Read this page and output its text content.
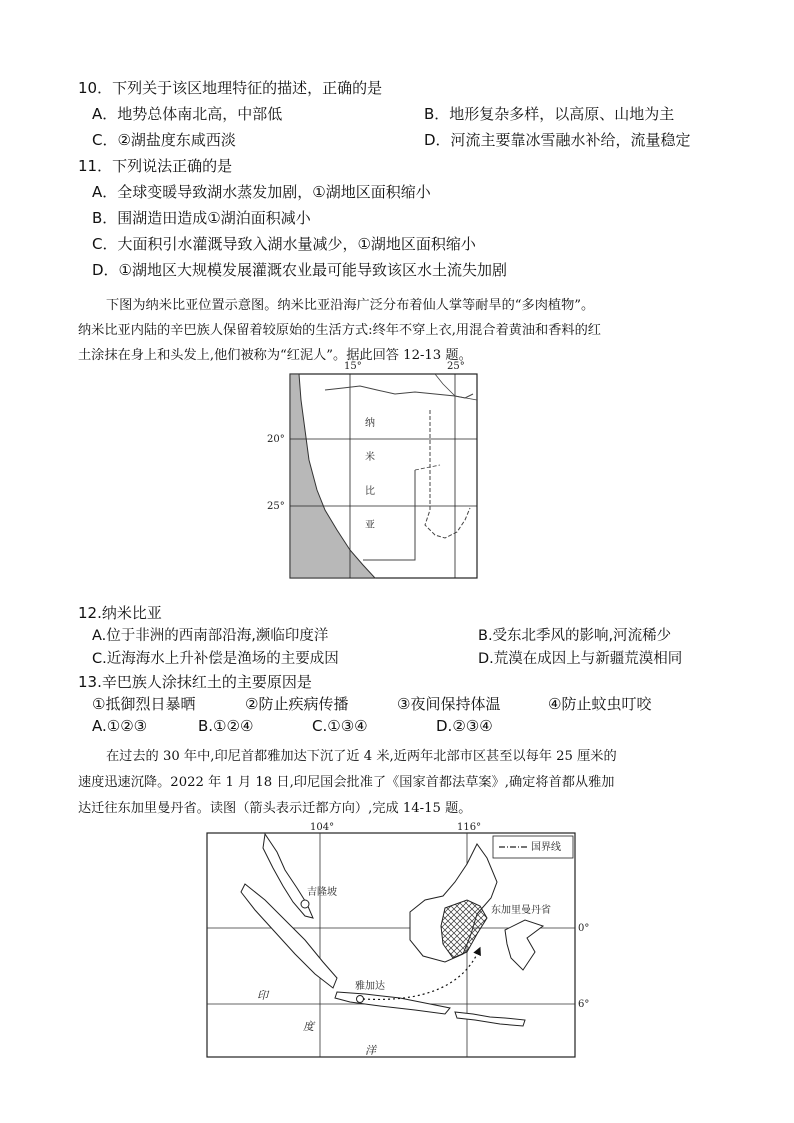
10．下列关于该区地理特征的描述，正确的是
A．地势总体南北高，中部低	B．地形复杂多样，以高原、山地为主
C．②湖盐度东咸西淡	D．河流主要靠冰雪融水补给，流量稳定
11．下列说法正确的是
A．全球变暖导致湖水蒸发加剧，①湖地区面积缩小
B．围湖造田造成①湖泊面积减小
C．大面积引水灌溉导致入湖水量减少，①湖地区面积缩小
D．①湖地区大规模发展灌溉农业最可能导致该区水土流失加剧
下图为纳米比亚位置示意图。纳米比亚沿海广泛分布着仙人掌等耐旱的“多肉植物”。
纳米比亚内陆的辛巴族人保留着较原始的生活方式:终年不穿上衣,用混合着黄油和香料的红
土涂抹在身上和头发上,他们被称为“红泥人”。据此回答 12-13 题。
15°	25°
20°
25°
纳
米
比
亚
12.纳米比亚
A.位于非洲的西南部沿海,濒临印度洋	B.受东北季风的影响,河流稀少
C.近海海水上升补偿是渔场的主要成因	D.荒漠在成因上与新疆荒漠相同
13.辛巴族人涂抹红土的主要原因是
①抵御烈日暴晒	②防止疾病传播	③夜间保持体温	④防止蚊虫叮咬
A.①②③	B.①②④	C.①③④	D.②③④
在过去的 30 年中,印尼首都雅加达下沉了近 4 米,近两年北部市区甚至以每年 25 厘米的
速度迅速沉降。2022 年 1 月 18 日,印尼国会批准了《国家首都法草案》,确定将首都从雅加
达迁往东加里曼丹省。读图（箭头表示迁都方向）,完成 14-15 题。
104°	116°
0°
6°
国界线
吉隆坡
东加里曼丹省
雅加达
印
度
洋
